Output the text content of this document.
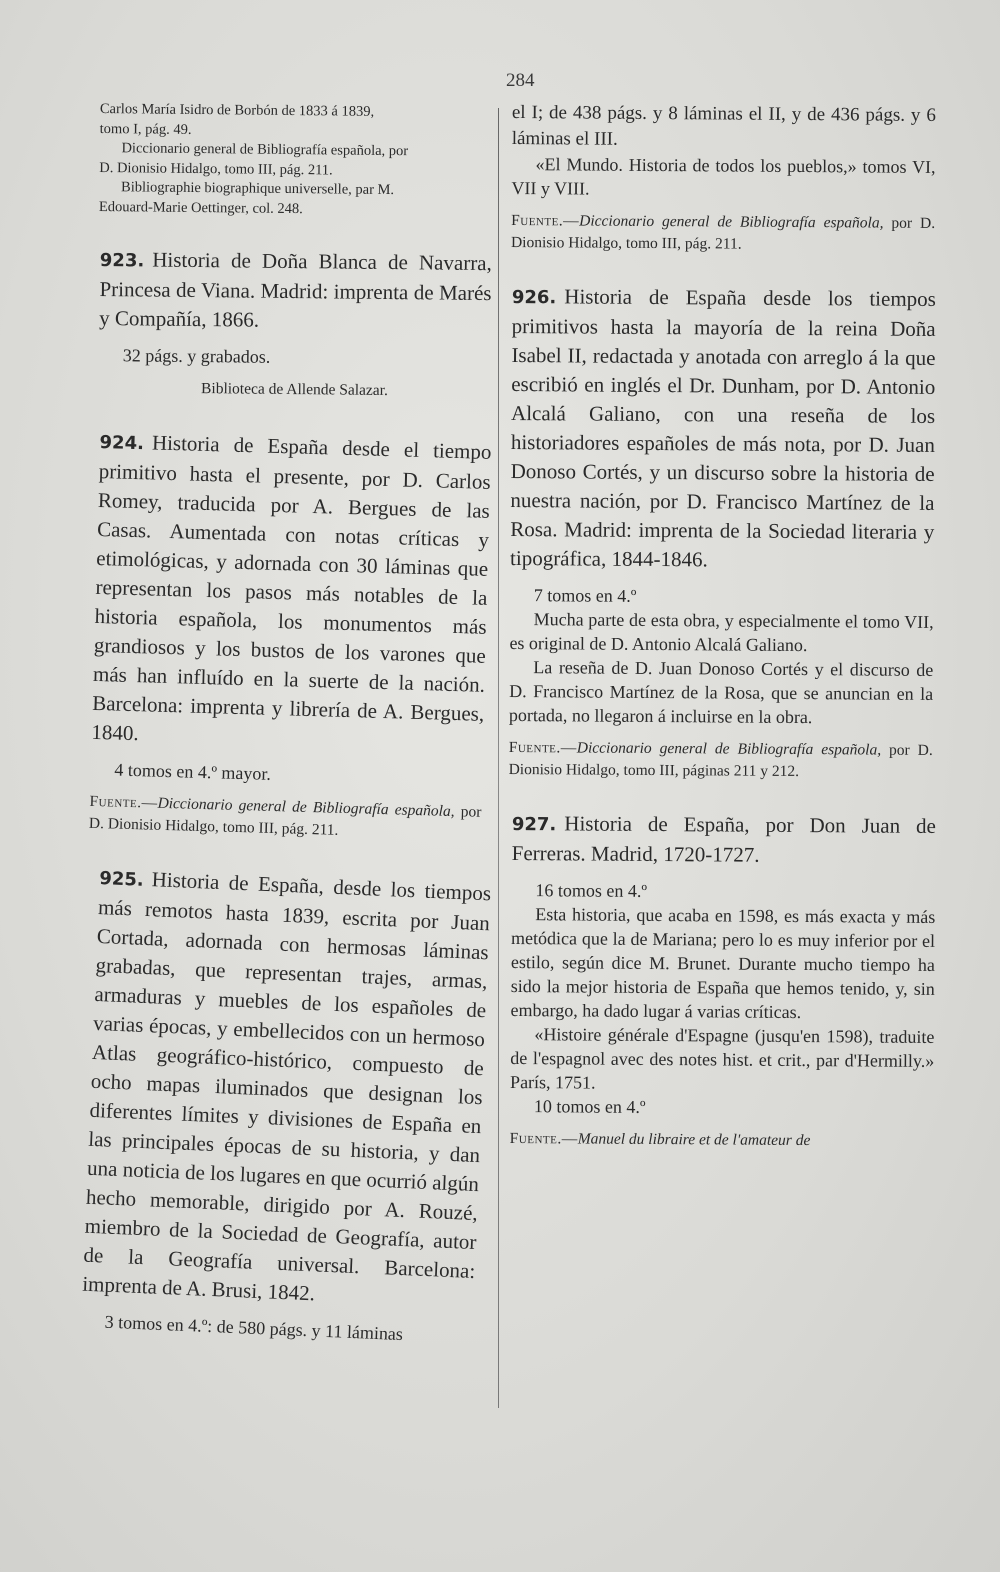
284

Carlos María Isidro de Borbón de 1833 á 1839,

tomo I, pág. 49.

Diccionario general de Bibliografía española, por

D. Dionisio Hidalgo, tomo III, pág. 211.

Bibliographie biographique universelle, par M.

Edouard-Marie Oettinger, col. 248.

923. Historia de Doña Blanca de Navarra, Princesa de Viana. Madrid: imprenta de Marés y Compañía, 1866.

32 págs. y grabados.

Biblioteca de Allende Salazar.

924. Historia de España desde el tiempo primitivo hasta el presente, por D. Carlos Romey, traducida por A. Bergues de las Casas. Aumentada con notas críticas y etimológicas, y adornada con 30 láminas que representan los pasos más notables de la historia española, los monumentos más grandiosos y los bustos de los varones que más han influído en la suerte de la nación. Barcelona: imprenta y librería de A. Bergues, 1840.

4 tomos en 4.º mayor.

Fuente.—Diccionario general de Bibliografía española, por D. Dionisio Hidalgo, tomo III, pág. 211.

925. Historia de España, desde los tiempos más remotos hasta 1839, escrita por Juan Cortada, adornada con hermosas láminas grabadas, que representan trajes, armas, armaduras y muebles de los españoles de varias épocas, y embellecidos con un hermoso Atlas geográfico-histórico, compuesto de ocho mapas iluminados que designan los diferentes límites y divisiones de España en las principales épocas de su historia, y dan una noticia de los lugares en que ocurrió algún hecho memorable, dirigido por A. Rouzé, miembro de la Sociedad de Geografía, autor de la Geografía universal. Barcelona: imprenta de A. Brusi, 1842.

3 tomos en 4.º: de 580 págs. y 11 láminas

el I; de 438 págs. y 8 láminas el II, y de 436 págs. y 6 láminas el III.

«El Mundo. Historia de todos los pueblos,» tomos VI, VII y VIII.

Fuente.—Diccionario general de Bibliografía española, por D. Dionisio Hidalgo, tomo III, pág. 211.

926. Historia de España desde los tiempos primitivos hasta la mayoría de la reina Doña Isabel II, redactada y anotada con arreglo á la que escribió en inglés el Dr. Dunham, por D. Antonio Alcalá Galiano, con una reseña de los historiadores españoles de más nota, por D. Juan Donoso Cortés, y un discurso sobre la historia de nuestra nación, por D. Francisco Martínez de la Rosa. Madrid: imprenta de la Sociedad literaria y tipográfica, 1844-1846.

7 tomos en 4.º

Mucha parte de esta obra, y especialmente el tomo VII, es original de D. Antonio Alcalá Galiano.

La reseña de D. Juan Donoso Cortés y el discurso de D. Francisco Martínez de la Rosa, que se anuncian en la portada, no llegaron á incluirse en la obra.

Fuente.—Diccionario general de Bibliografía española, por D. Dionisio Hidalgo, tomo III, páginas 211 y 212.

927. Historia de España, por Don Juan de Ferreras. Madrid, 1720-1727.

16 tomos en 4.º

Esta historia, que acaba en 1598, es más exacta y más metódica que la de Mariana; pero lo es muy inferior por el estilo, según dice M. Brunet. Durante mucho tiempo ha sido la mejor historia de España que hemos tenido, y, sin embargo, ha dado lugar á varias críticas.

«Histoire générale d'Espagne (jusqu'en 1598), traduite de l'espagnol avec des notes hist. et crit., par d'Hermilly.» París, 1751.

10 tomos en 4.º

Fuente.—Manuel du libraire et de l'amateur de
